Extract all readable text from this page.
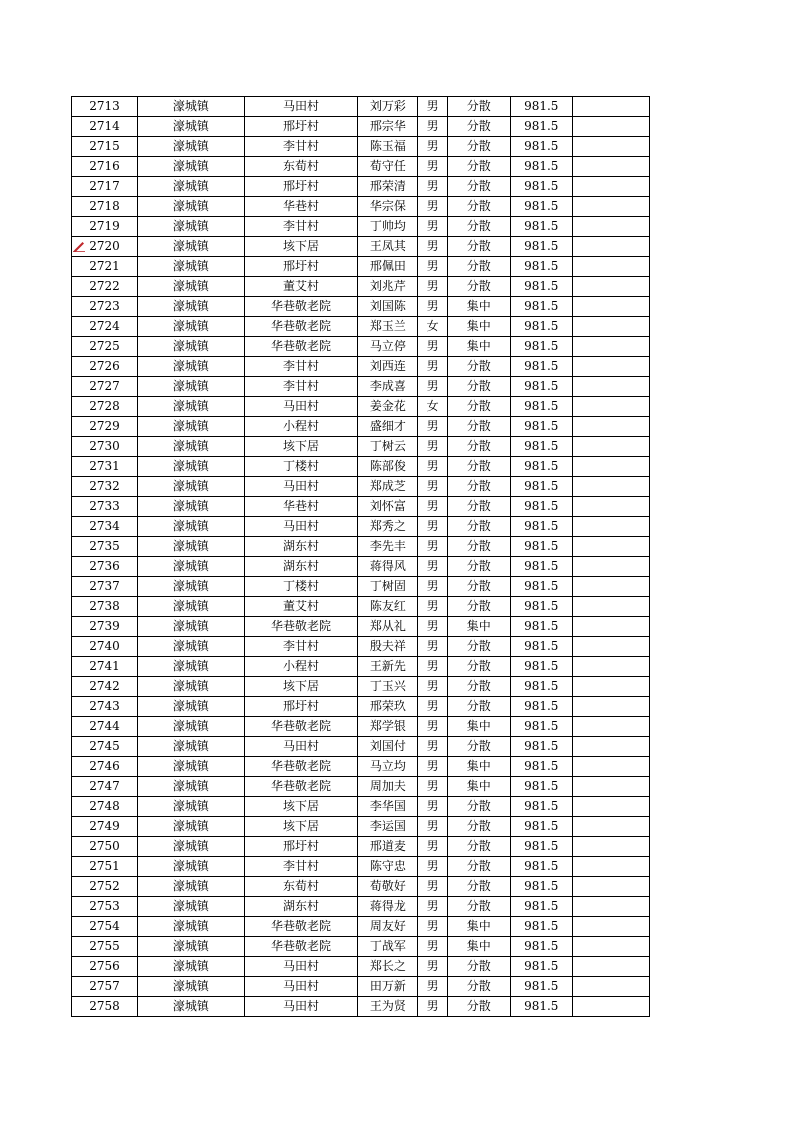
2713	濠城镇	马田村	刘万彩	男	分散	981.5	
2714	濠城镇	邢圩村	邢宗华	男	分散	981.5	
2715	濠城镇	李甘村	陈玉福	男	分散	981.5	
2716	濠城镇	东荀村	荀守任	男	分散	981.5	
2717	濠城镇	邢圩村	邢荣清	男	分散	981.5	
2718	濠城镇	华巷村	华宗保	男	分散	981.5	
2719	濠城镇	李甘村	丁帅均	男	分散	981.5	

2720	濠城镇	垓下居	王凤其	男	分散	981.5	
2721	濠城镇	邢圩村	邢佩田	男	分散	981.5	
2722	濠城镇	董艾村	刘兆芹	男	分散	981.5	
2723	濠城镇	华巷敬老院	刘国陈	男	集中	981.5	
2724	濠城镇	华巷敬老院	郑玉兰	女	集中	981.5	
2725	濠城镇	华巷敬老院	马立停	男	集中	981.5	
2726	濠城镇	李甘村	刘西连	男	分散	981.5	
2727	濠城镇	李甘村	李成喜	男	分散	981.5	
2728	濠城镇	马田村	姜金花	女	分散	981.5	
2729	濠城镇	小程村	盛细才	男	分散	981.5	
2730	濠城镇	垓下居	丁树云	男	分散	981.5	
2731	濠城镇	丁楼村	陈部俊	男	分散	981.5	
2732	濠城镇	马田村	郑成芝	男	分散	981.5	
2733	濠城镇	华巷村	刘怀富	男	分散	981.5	
2734	濠城镇	马田村	郑秀之	男	分散	981.5	
2735	濠城镇	湖东村	李先丰	男	分散	981.5	
2736	濠城镇	湖东村	蒋得风	男	分散	981.5	
2737	濠城镇	丁楼村	丁树固	男	分散	981.5	
2738	濠城镇	董艾村	陈友红	男	分散	981.5	
2739	濠城镇	华巷敬老院	郑从礼	男	集中	981.5	
2740	濠城镇	李甘村	殷夫祥	男	分散	981.5	
2741	濠城镇	小程村	王新先	男	分散	981.5	
2742	濠城镇	垓下居	丁玉兴	男	分散	981.5	
2743	濠城镇	邢圩村	邢荣玖	男	分散	981.5	
2744	濠城镇	华巷敬老院	郑学银	男	集中	981.5	
2745	濠城镇	马田村	刘国付	男	分散	981.5	
2746	濠城镇	华巷敬老院	马立均	男	集中	981.5	
2747	濠城镇	华巷敬老院	周加夫	男	集中	981.5	
2748	濠城镇	垓下居	李华国	男	分散	981.5	
2749	濠城镇	垓下居	李运国	男	分散	981.5	
2750	濠城镇	邢圩村	邢道麦	男	分散	981.5	
2751	濠城镇	李甘村	陈守忠	男	分散	981.5	
2752	濠城镇	东荀村	荀敬好	男	分散	981.5	
2753	濠城镇	湖东村	蒋得龙	男	分散	981.5	
2754	濠城镇	华巷敬老院	周友好	男	集中	981.5	
2755	濠城镇	华巷敬老院	丁战军	男	集中	981.5	
2756	濠城镇	马田村	郑长之	男	分散	981.5	
2757	濠城镇	马田村	田万新	男	分散	981.5	
2758	濠城镇	马田村	王为贤	男	分散	981.5	
